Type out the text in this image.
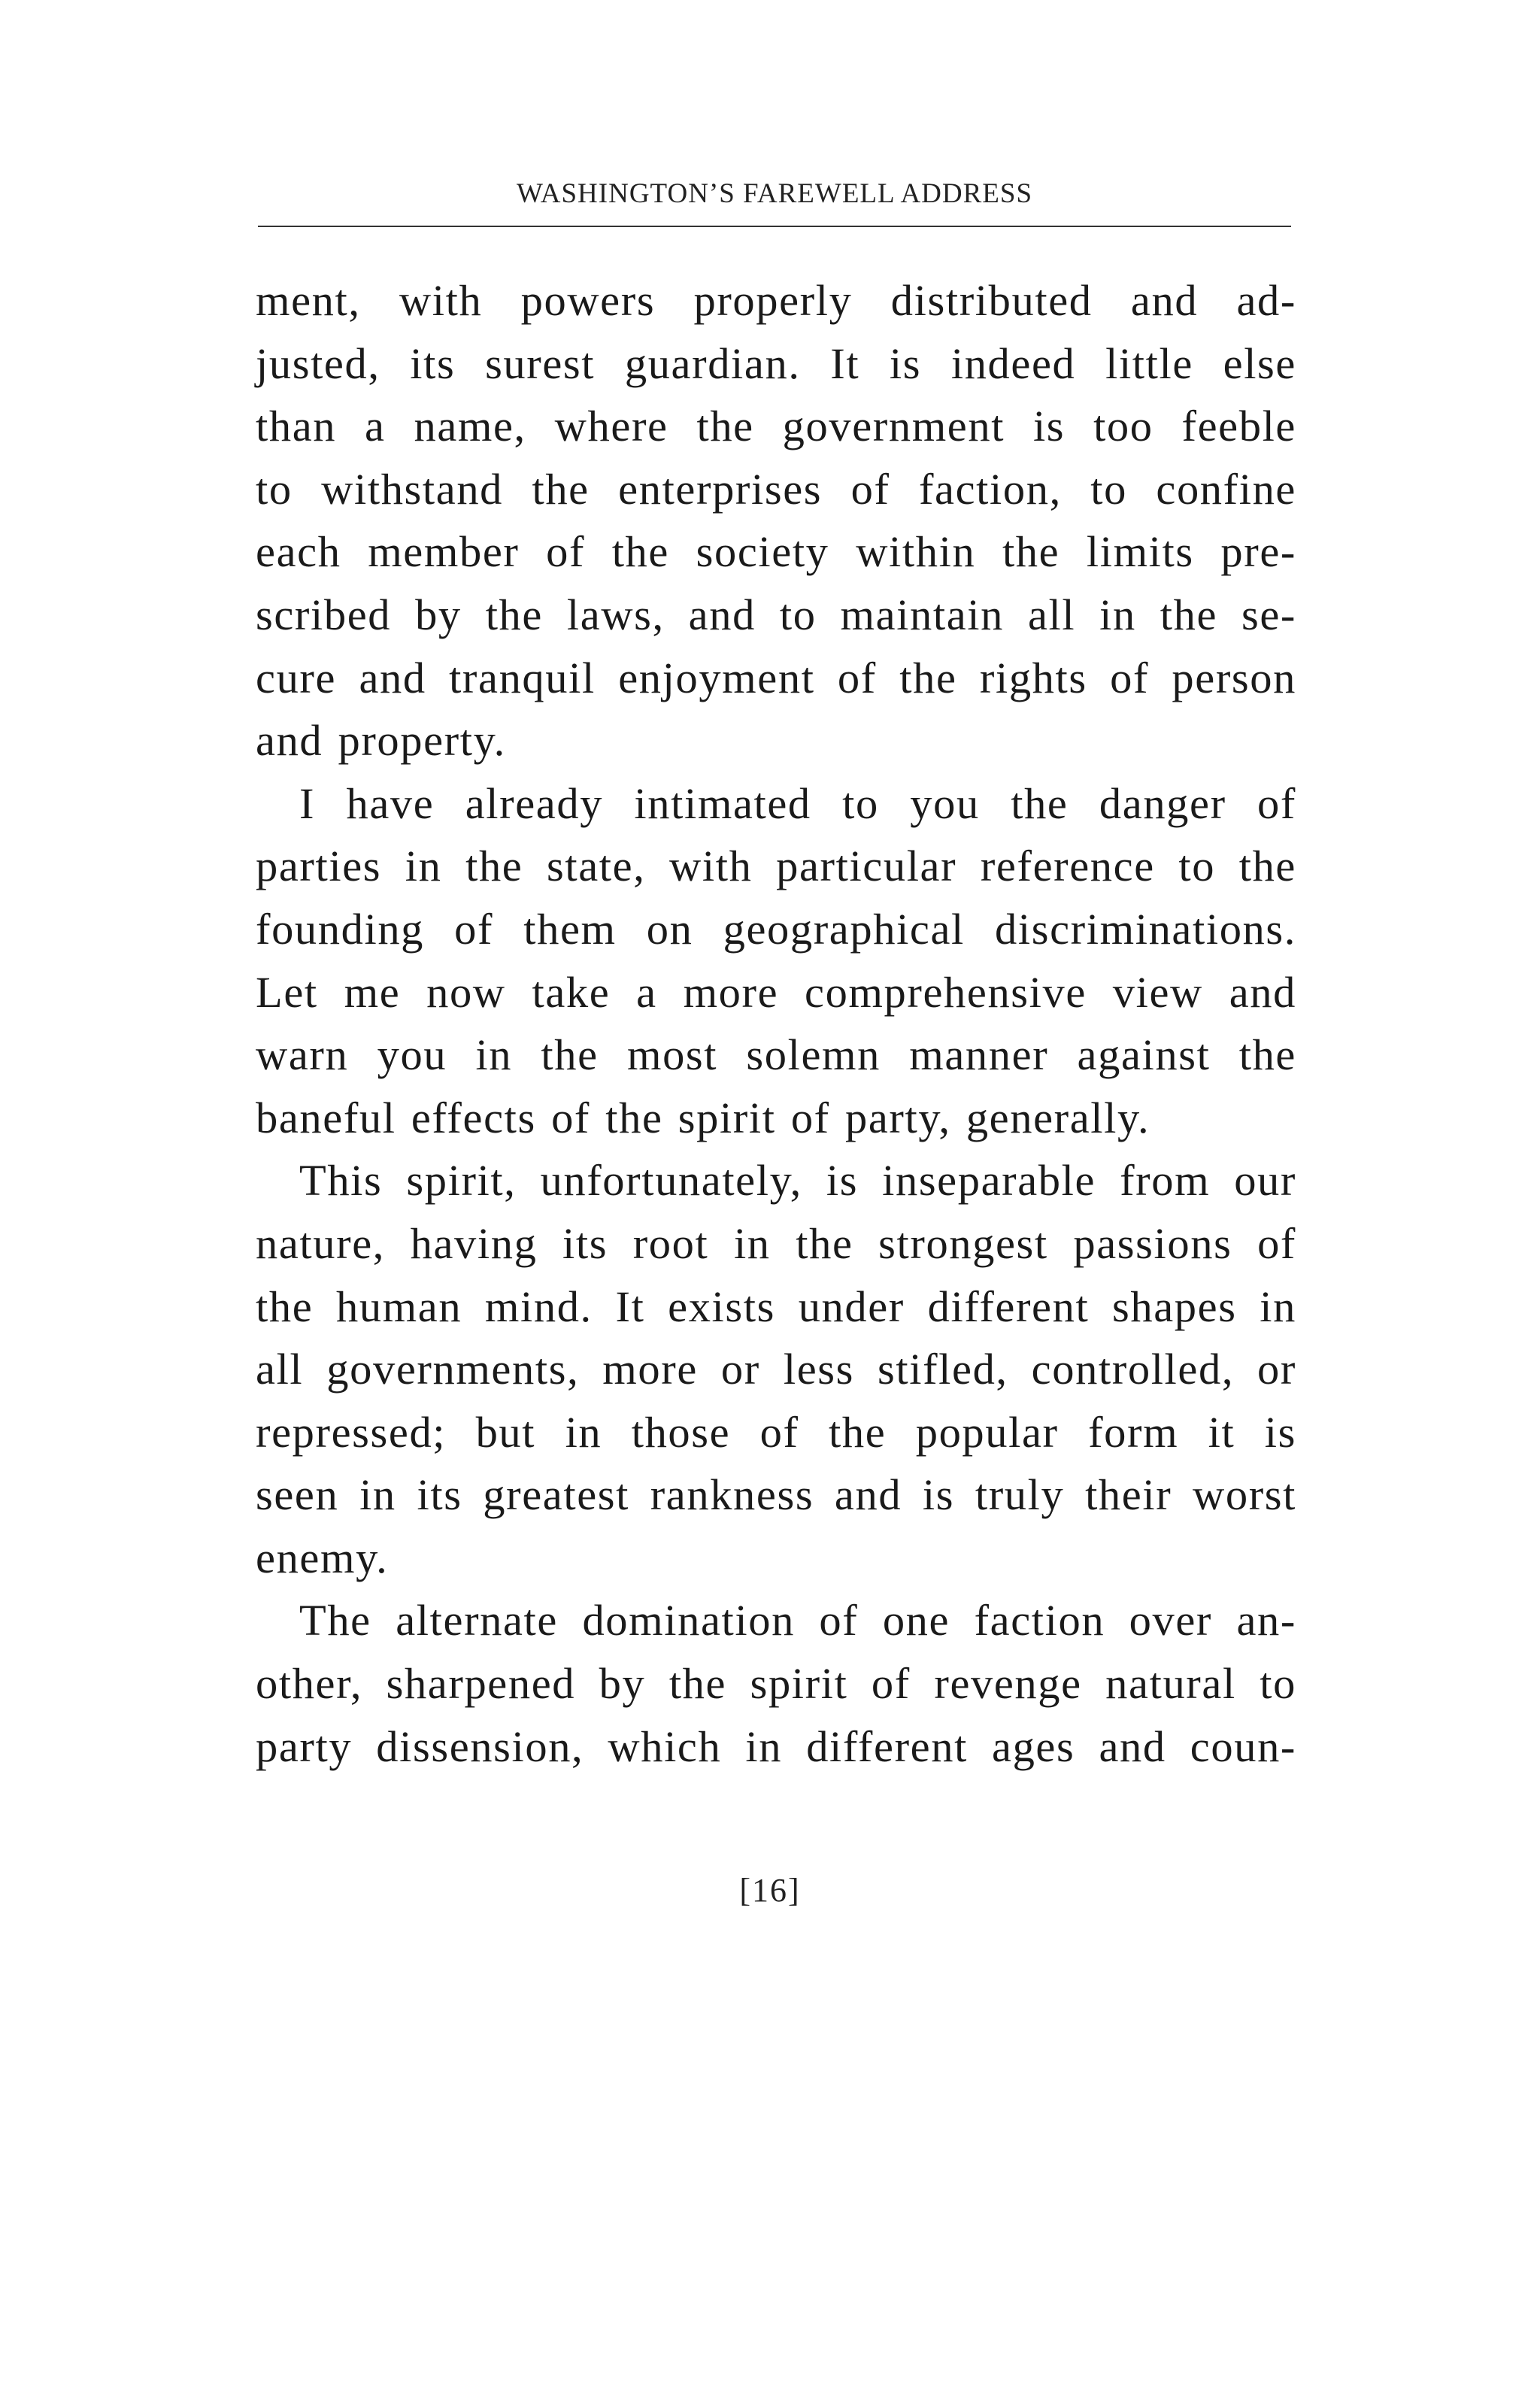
WASHINGTON’S FAREWELL ADDRESS
ment, with powers properly distributed and ad-
justed, its surest guardian. It is indeed little else
than a name, where the government is too feeble
to withstand the enterprises of faction, to confine
each member of the society within the limits pre-
scribed by the laws, and to maintain all in the se-
cure and tranquil enjoyment of the rights of person
and property.
I have already intimated to you the danger of
parties in the state, with particular reference to the
founding of them on geographical discriminations.
Let me now take a more comprehensive view and
warn you in the most solemn manner against the
baneful effects of the spirit of party, generally.
This spirit, unfortunately, is inseparable from our
nature, having its root in the strongest passions of
the human mind. It exists under different shapes in
all governments, more or less stifled, controlled, or
repressed; but in those of the popular form it is
seen in its greatest rankness and is truly their worst
enemy.
The alternate domination of one faction over an-
other, sharpened by the spirit of revenge natural to
party dissension, which in different ages and coun-
[16]
